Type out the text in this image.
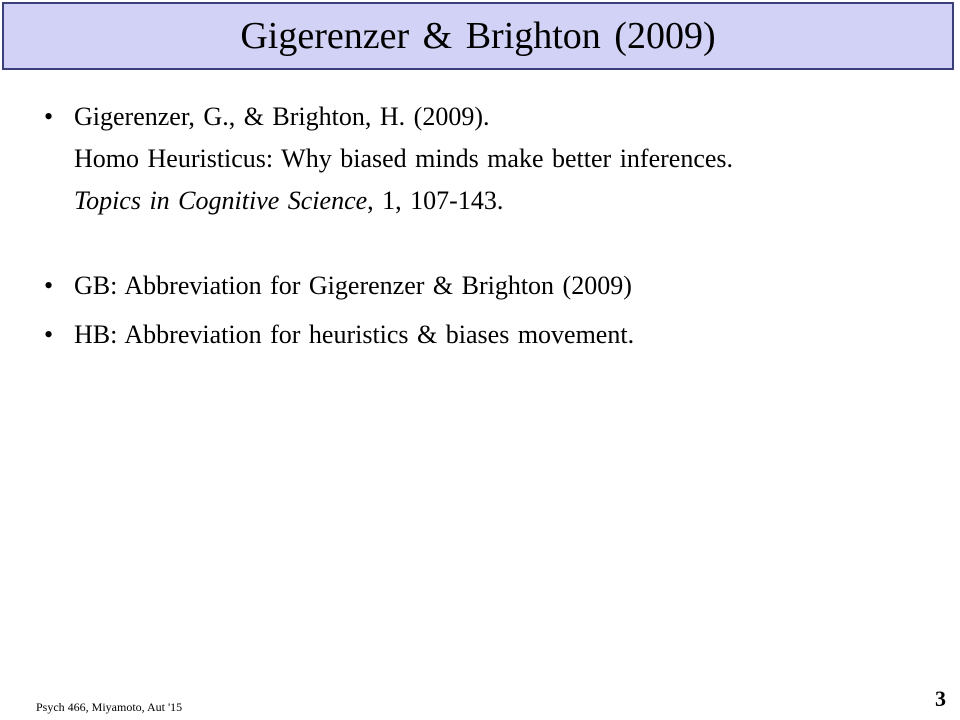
Gigerenzer & Brighton (2009)
• Gigerenzer, G., & Brighton, H. (2009).
Homo Heuristicus: Why biased minds make better inferences.
Topics in Cognitive Science, 1, 107-143.
• GB: Abbreviation for Gigerenzer & Brighton (2009)
• HB: Abbreviation for heuristics & biases movement.
Psych 466, Miyamoto, Aut '15	3
